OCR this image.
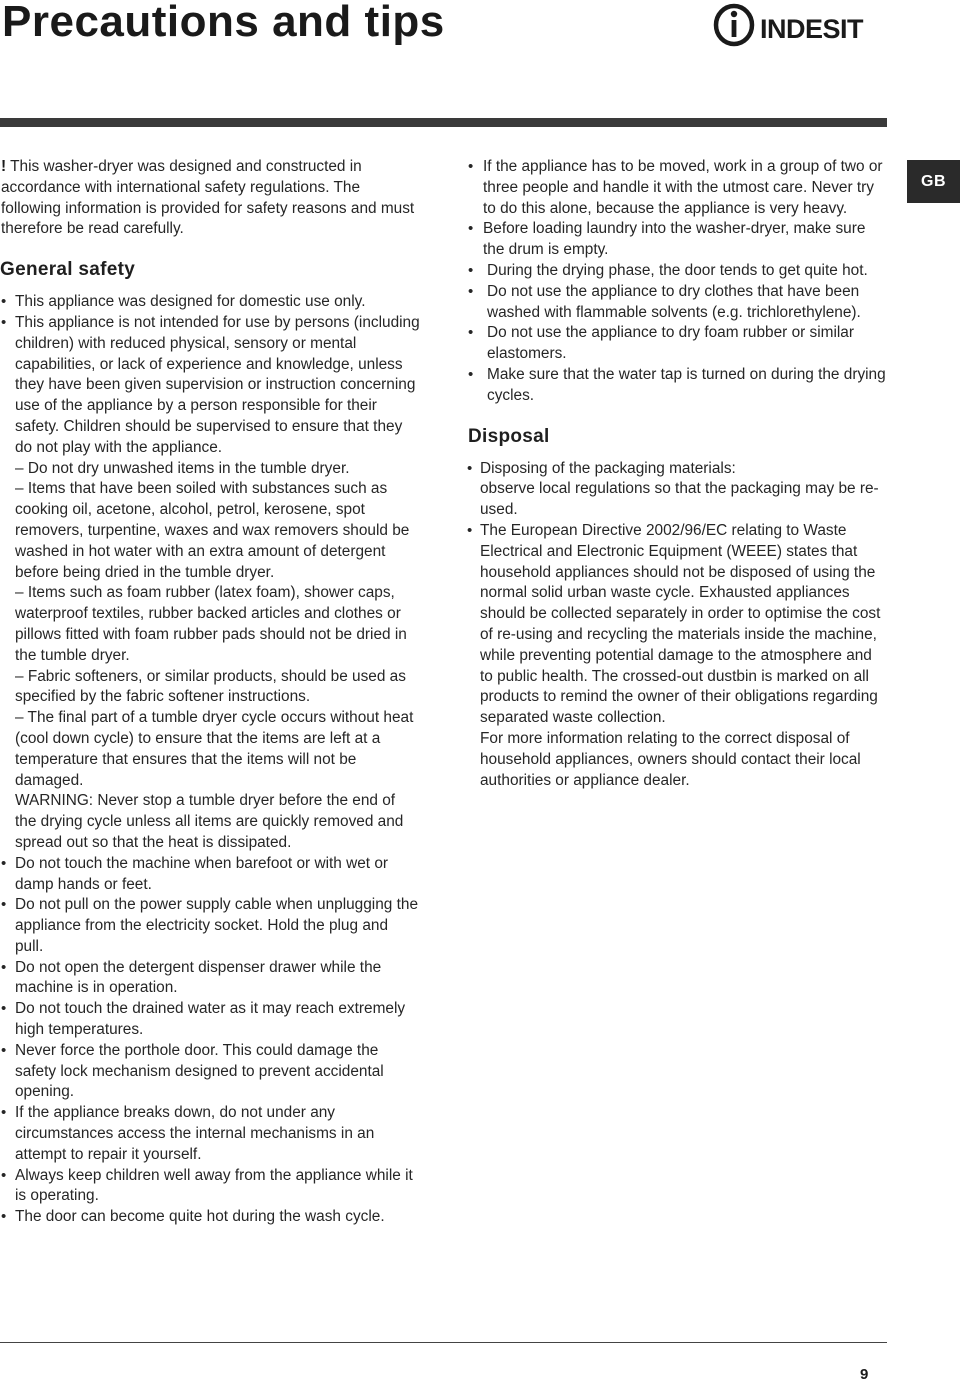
Precautions and tips	INDESIT
GB

! This washer-dryer was designed and constructed in accordance with international safety regulations. The following information is provided for safety reasons and must therefore be read carefully.

General safety
• This appliance was designed for domestic use only.

• This appliance is not intended for use by persons (including children) with reduced physical, sensory or mental capabilities, or lack of experience and knowledge, unless they have been given supervision or instruction concerning use of the appliance by a person responsible for their safety. Children should be supervised to ensure that they do not play with the appliance.

– Do not dry unwashed items in the tumble dryer.

– Items that have been soiled with substances such as cooking oil, acetone, alcohol, petrol, kerosene, spot removers, turpentine, waxes and wax removers should be washed in hot water with an extra amount of detergent before being dried in the tumble dryer.

– Items such as foam rubber (latex foam), shower caps, waterproof textiles, rubber backed articles and clothes or pillows fitted with foam rubber pads should not be dried in the tumble dryer.

– Fabric softeners, or similar products, should be used as specified by the fabric softener instructions.

– The final part of a tumble dryer cycle occurs without heat (cool down cycle) to ensure that the items are left at a temperature that ensures that the items will not be damaged.

WARNING: Never stop a tumble dryer before the end of the drying cycle unless all items are quickly removed and spread out so that the heat is dissipated.

• Do not touch the machine when barefoot or with wet or damp hands or feet.
• Do not pull on the power supply cable when unplugging the appliance from the electricity socket. Hold the plug and pull.
• Do not open the detergent dispenser drawer while the machine is in operation.
• Do not touch the drained water as it may reach extremely high temperatures.
• Never force the porthole door. This could damage the safety lock mechanism designed to prevent accidental opening.
• If the appliance breaks down, do not under any circumstances access the internal mechanisms in an attempt to repair it yourself.
• Always keep children well away from the appliance while it is operating.
• The door can become quite hot during the wash cycle.
• If the appliance has to be moved, work in a group of two or three people and handle it with the utmost care. Never try to do this alone, because the appliance is very heavy.
• Before loading laundry into the washer-dryer, make sure the drum is empty.
• During the drying phase, the door tends to get quite hot.
• Do not use the appliance to dry clothes that have been washed with flammable solvents (e.g. trichlorethylene).
• Do not use the appliance to dry foam rubber or similar elastomers.
• Make sure that the water tap is turned on during the drying cycles.
Disposal

• Disposing of the packaging materials:

observe local regulations so that the packaging may be re-used.

• The European Directive 2002/96/EC relating to Waste Electrical and Electronic Equipment (WEEE) states that household appliances should not be disposed of using the normal solid urban waste cycle. Exhausted appliances should be collected separately in order to optimise the cost of re-using and recycling the materials inside the machine, while preventing potential damage to the atmosphere and to public health. The crossed-out dustbin is marked on all products to remind the owner of their obligations regarding separated waste collection.

For more information relating to the correct disposal of household appliances, owners should contact their local authorities or appliance dealer.

9
